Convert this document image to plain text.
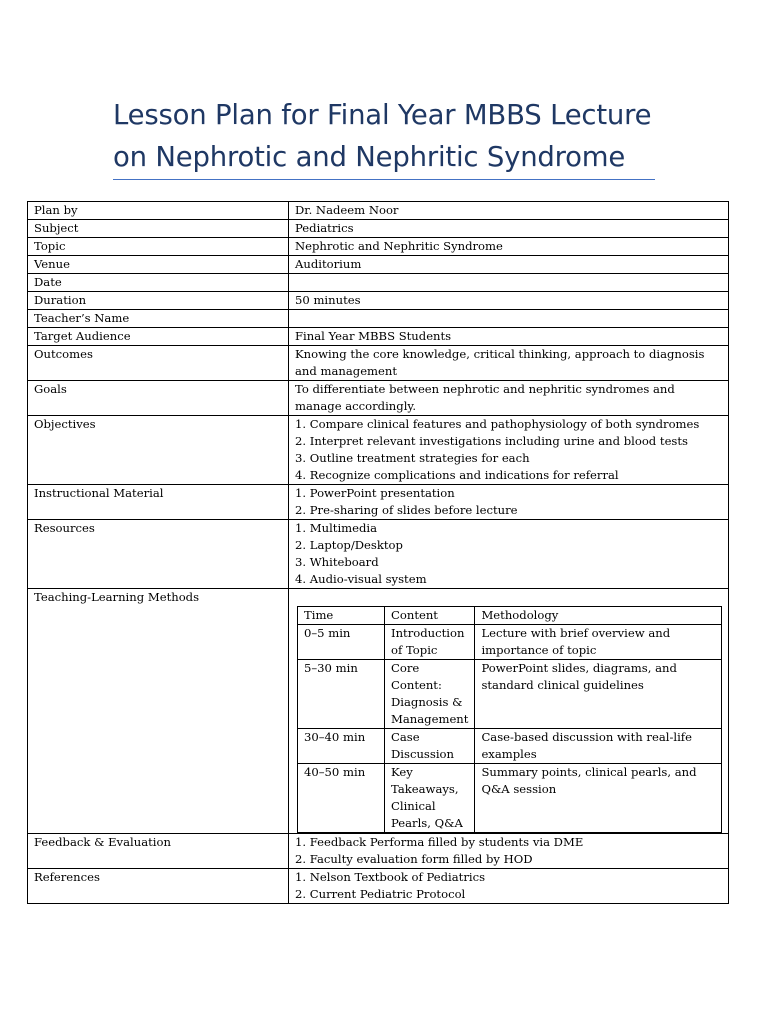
Lesson Plan for Final Year MBBS Lecture on Nephrotic and Nephritic Syndrome
Plan by	Dr. Nadeem Noor
Subject	Pediatrics
Topic	Nephrotic and Nephritic Syndrome
Venue	Auditorium
Date	
Duration	50 minutes
Teacher’s Name	
Target Audience	Final Year MBBS Students
Outcomes	Knowing the core knowledge, critical thinking, approach to diagnosis and management
Goals	To differentiate between nephrotic and nephritic syndromes and manage accordingly.
Objectives	1. Compare clinical features and pathophysiology of both syndromes
2. Interpret relevant investigations including urine and blood tests
3. Outline treatment strategies for each
4. Recognize complications and indications for referral

Instructional Material	1. PowerPoint presentation
2. Pre-sharing of slides before lecture

Resources	1. Multimedia
2. Laptop/Desktop
3. Whiteboard
4. Audio-visual system

Teaching-Learning Methods	
Time	Content	Methodology
0–5 min	Introduction of Topic	Lecture with brief overview and importance of topic
5–30 min	Core Content: Diagnosis & Management	PowerPoint slides, diagrams, and standard clinical guidelines
30–40 min	Case Discussion	Case-based discussion with real-life examples
40–50 min	Key Takeaways, Clinical Pearls, Q&A	Summary points, clinical pearls, and Q&A session

Feedback & Evaluation	1. Feedback Performa filled by students via DME
2. Faculty evaluation form filled by HOD

References	1. Nelson Textbook of Pediatrics
2. Current Pediatric Protocol
